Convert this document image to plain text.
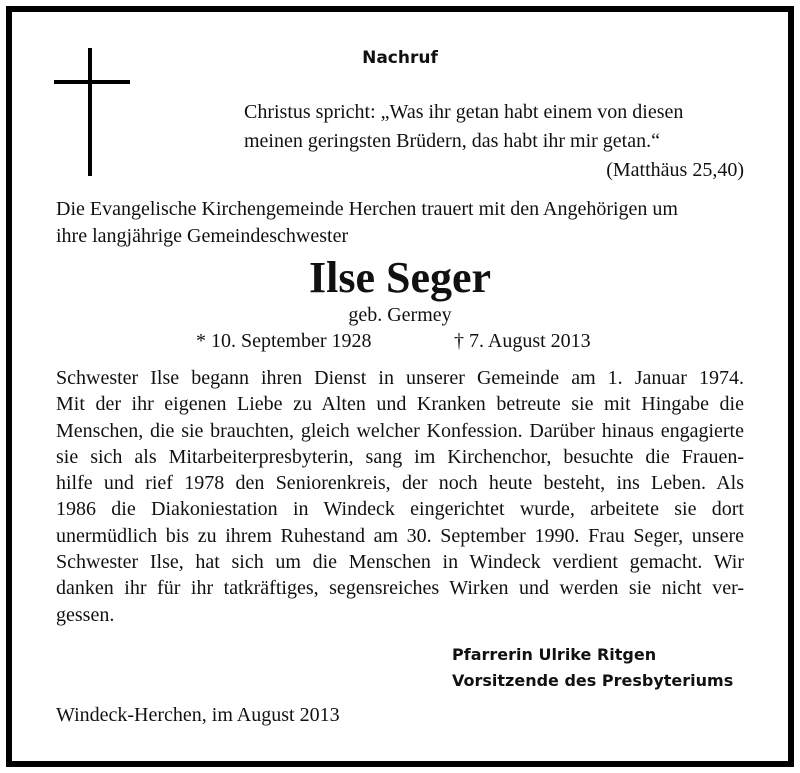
Nachruf
Christus spricht: „Was ihr getan habt einem von diesen
meinen geringsten Brüdern, das habt ihr mir getan.“
(Matthäus 25,40)
Die Evangelische Kirchengemeinde Herchen trauert mit den Angehörigen um
ihre langjährige Gemeindeschwester
Ilse Seger
geb. Germey
* 10. September 1928	† 7. August 2013
Schwester Ilse begann ihren Dienst in unserer Gemeinde am 1. Januar 1974.
Mit der ihr eigenen Liebe zu Alten und Kranken betreute sie mit Hingabe die
Menschen, die sie brauchten, gleich welcher Konfession. Darüber hinaus engagierte
sie sich als Mitarbeiterpresbyterin, sang im Kirchenchor, besuchte die Frauen-
hilfe und rief 1978 den Seniorenkreis, der noch heute besteht, ins Leben. Als
1986 die Diakoniestation in Windeck eingerichtet wurde, arbeitete sie dort
unermüdlich bis zu ihrem Ruhestand am 30. September 1990. Frau Seger, unsere
Schwester Ilse, hat sich um die Menschen in Windeck verdient gemacht. Wir
danken ihr für ihr tatkräftiges, segensreiches Wirken und werden sie nicht ver-
gessen.
Pfarrerin Ulrike Ritgen
Vorsitzende des Presbyteriums
Windeck-Herchen, im August 2013
